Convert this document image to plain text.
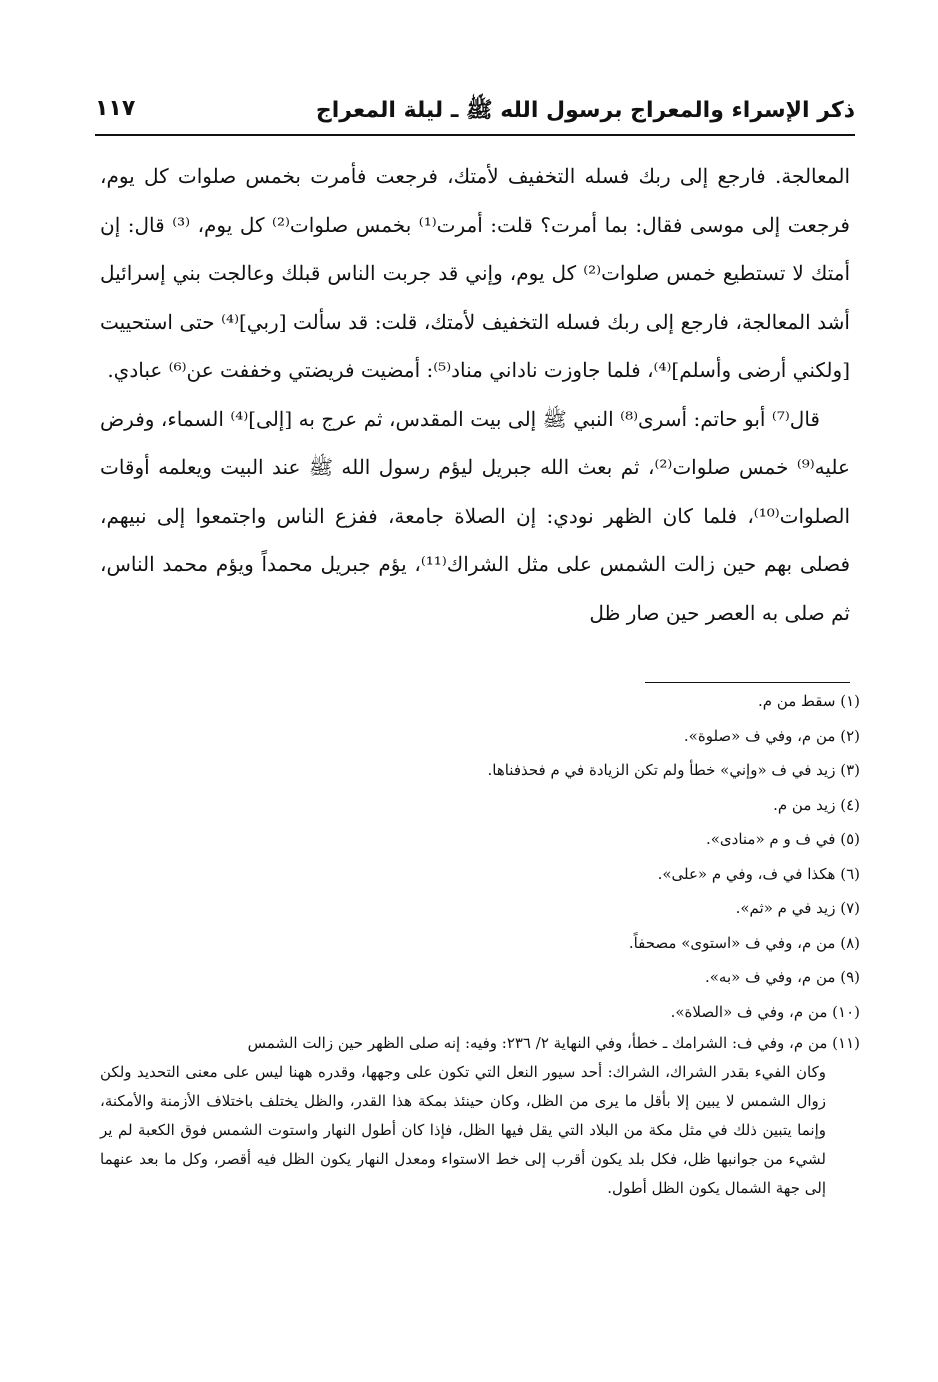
ذكر الإسراء والمعراج برسول الله ﷺ ـ ليلة المعراج
١١٧

المعالجة. فارجع إلى ربك فسله التخفيف لأمتك، فرجعت فأمرت بخمس صلوات كل يوم، فرجعت إلى موسى فقال: بما أمرت؟ قلت: أمرت⁽¹⁾ بخمس صلوات⁽²⁾ كل يوم، ⁽³⁾ قال: إن أمتك لا تستطيع خمس صلوات⁽²⁾ كل يوم، وإني قد جربت الناس قبلك وعالجت بني إسرائيل أشد المعالجة، فارجع إلى ربك فسله التخفيف لأمتك، قلت: قد سألت [ربي]⁽⁴⁾ حتى استحييت [ولكني أرضى وأسلم]⁽⁴⁾، فلما جاوزت ناداني مناد⁽⁵⁾: أمضيت فريضتي وخففت عن⁽⁶⁾ عبادي.

قال⁽⁷⁾ أبو حاتم: أسرى⁽⁸⁾ النبي ﷺ إلى بيت المقدس، ثم عرج به [إلى]⁽⁴⁾ السماء، وفرض عليه⁽⁹⁾ خمس صلوات⁽²⁾، ثم بعث الله جبريل ليؤم رسول الله ﷺ عند البيت ويعلمه أوقات الصلوات⁽¹⁰⁾، فلما كان الظهر نودي: إن الصلاة جامعة، ففزع الناس واجتمعوا إلى نبيهم، فصلى بهم حين زالت الشمس على مثل الشراك⁽¹¹⁾، يؤم جبريل محمداً ويؤم محمد الناس، ثم صلى به العصر حين صار ظل

(١) سقط من م.

(٢) من م، وفي ف «صلوة».

(٣) زيد في ف «وإني» خطأ ولم تكن الزيادة في م فحذفناها.

(٤) زيد من م.

(٥) في ف و م «منادى».

(٦) هكذا في ف، وفي م «على».

(٧) زيد في م «ثم».

(٨) من م، وفي ف «استوى» مصحفاً.

(٩) من م، وفي ف «به».

(١٠) من م، وفي ف «الصلاة».

(١١) من م، وفي ف: الشرامك ـ خطأ، وفي النهاية ٢/ ٢٣٦: وفيه: إنه صلى الظهر حين زالت الشمس
وكان الفيء بقدر الشراك، الشراك: أحد سيور النعل التي تكون على وجهها، وقدره ههنا ليس على معنى التحديد ولكن زوال الشمس لا يبين إلا بأقل ما يرى من الظل، وكان حينئذ بمكة هذا القدر، والظل يختلف باختلاف الأزمنة والأمكنة، وإنما يتبين ذلك في مثل مكة من البلاد التي يقل فيها الظل، فإذا كان أطول النهار واستوت الشمس فوق الكعبة لم ير لشيء من جوانبها ظل، فكل بلد يكون أقرب إلى خط الاستواء ومعدل النهار يكون الظل فيه أقصر، وكل ما بعد عنهما إلى جهة الشمال يكون الظل أطول.
